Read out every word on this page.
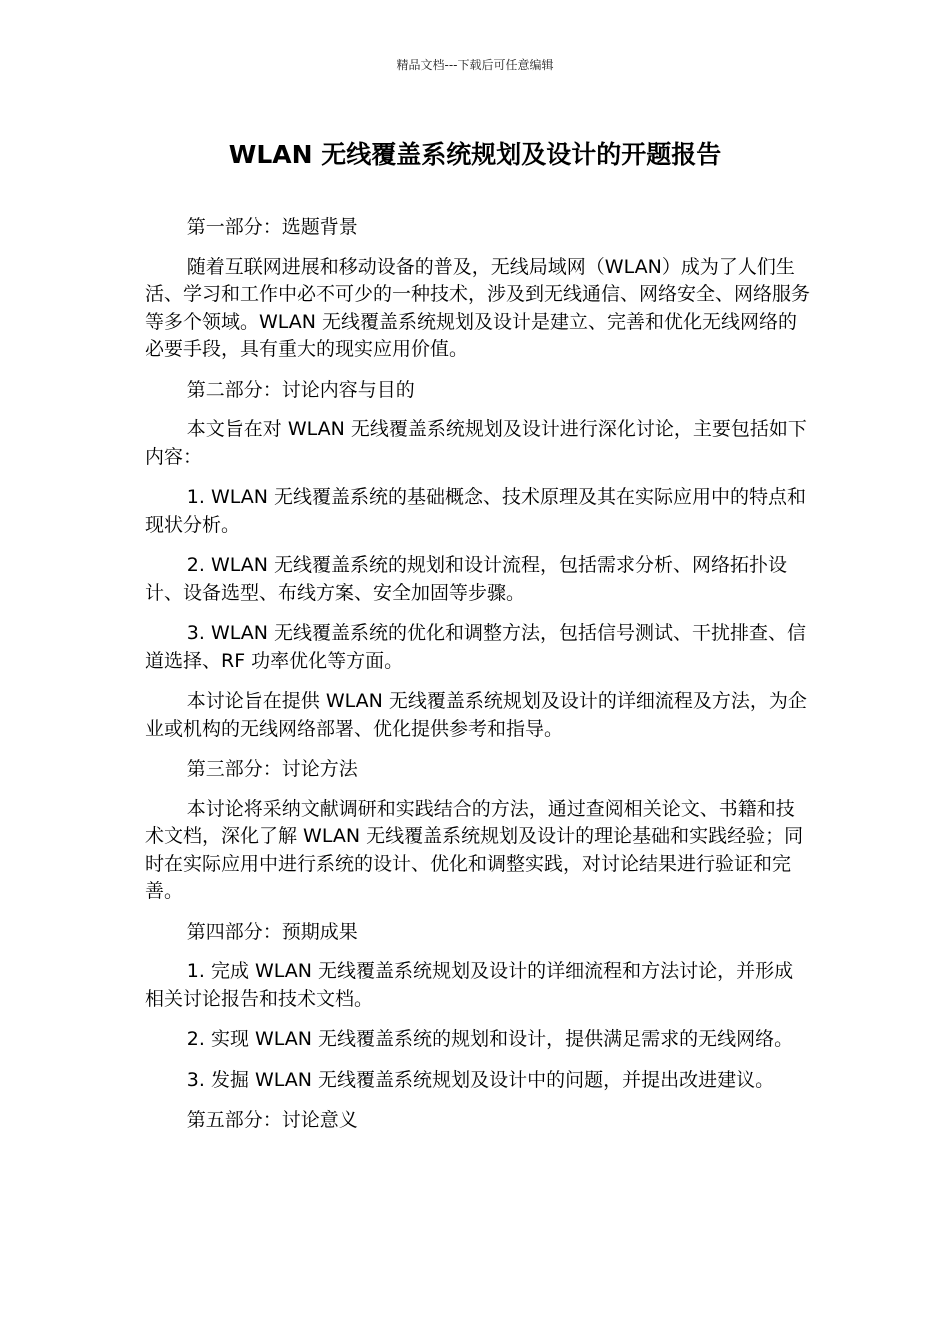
精品文档---下载后可任意编辑
WLAN 无线覆盖系统规划及设计的开题报告

第一部分：选题背景

随着互联网进展和移动设备的普及，无线局域网（WLAN）成为了人们生活、学习和工作中必不可少的一种技术，涉及到无线通信、网络安全、网络服务等多个领域。WLAN 无线覆盖系统规划及设计是建立、完善和优化无线网络的必要手段，具有重大的现实应用价值。

第二部分：讨论内容与目的

本文旨在对 WLAN 无线覆盖系统规划及设计进行深化讨论，主要包括如下内容：

1. WLAN 无线覆盖系统的基础概念、技术原理及其在实际应用中的特点和现状分析。

2. WLAN 无线覆盖系统的规划和设计流程，包括需求分析、网络拓扑设计、设备选型、布线方案、安全加固等步骤。

3. WLAN 无线覆盖系统的优化和调整方法，包括信号测试、干扰排查、信道选择、RF 功率优化等方面。

本讨论旨在提供 WLAN 无线覆盖系统规划及设计的详细流程及方法，为企业或机构的无线网络部署、优化提供参考和指导。

第三部分：讨论方法

本讨论将采纳文献调研和实践结合的方法，通过查阅相关论文、书籍和技术文档，深化了解 WLAN 无线覆盖系统规划及设计的理论基础和实践经验；同时在实际应用中进行系统的设计、优化和调整实践，对讨论结果进行验证和完善。

第四部分：预期成果

1. 完成 WLAN 无线覆盖系统规划及设计的详细流程和方法讨论，并形成相关讨论报告和技术文档。

2. 实现 WLAN 无线覆盖系统的规划和设计，提供满足需求的无线网络。

3. 发掘 WLAN 无线覆盖系统规划及设计中的问题，并提出改进建议。

第五部分：讨论意义
